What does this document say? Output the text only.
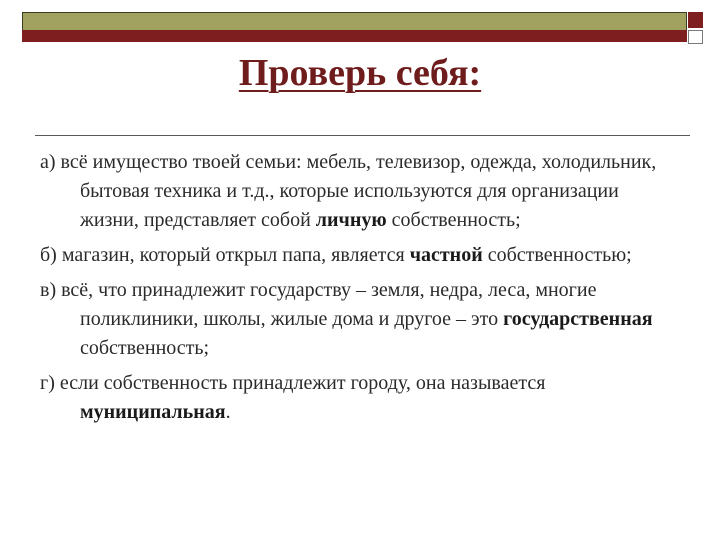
Проверь себя:

а) всё имущество твоей семьи: мебель, телевизор, одежда, холодильник, бытовая техника и т.д., которые используются для организации жизни, представляет собой личную собственность;

б) магазин, который открыл папа, является частной собственностью;

в) всё, что принадлежит государству – земля, недра, леса, многие поликлиники, школы, жилые дома и другое – это государственная собственность;

г) если собственность принадлежит городу, она называется муниципальная.
